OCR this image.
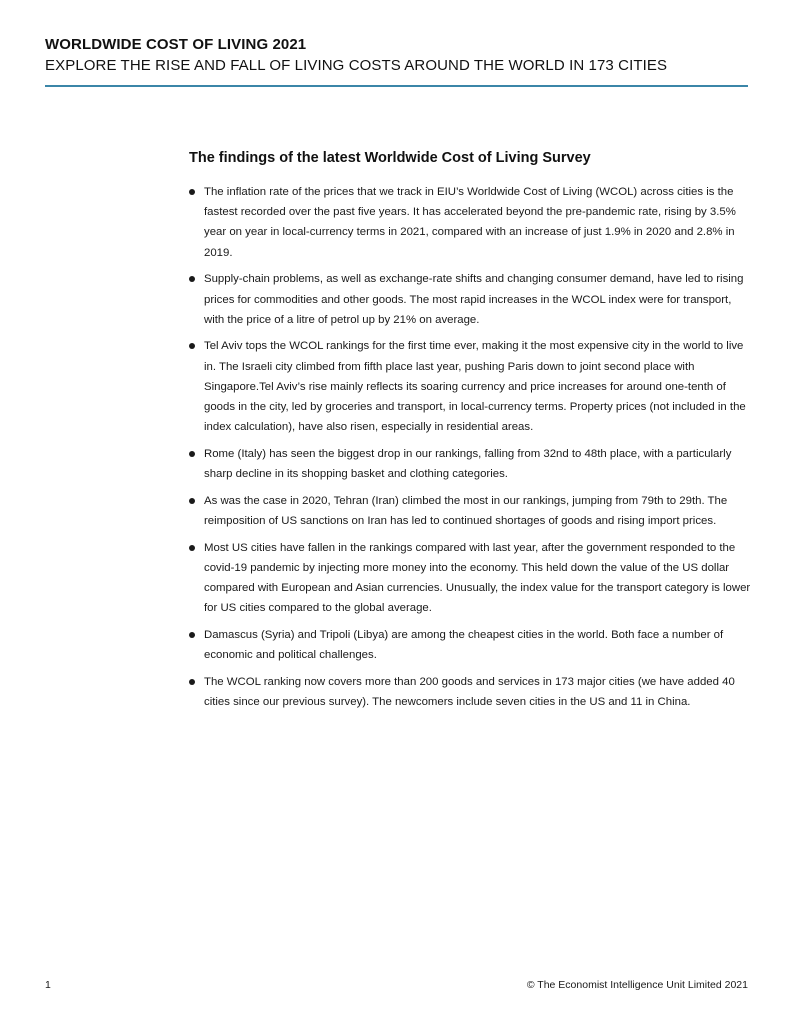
WORLDWIDE COST OF LIVING 2021
EXPLORE THE RISE AND FALL OF LIVING COSTS AROUND THE WORLD IN 173 CITIES
The findings of the latest Worldwide Cost of Living Survey
The inflation rate of the prices that we track in EIU’s Worldwide Cost of Living (WCOL) across cities is the fastest recorded over the past five years. It has accelerated beyond the pre-pandemic rate, rising by 3.5% year on year in local-currency terms in 2021, compared with an increase of just 1.9% in 2020 and 2.8% in 2019.
Supply-chain problems, as well as exchange-rate shifts and changing consumer demand, have led to rising prices for commodities and other goods. The most rapid increases in the WCOL index were for transport, with the price of a litre of petrol up by 21% on average.
Tel Aviv tops the WCOL rankings for the first time ever, making it the most expensive city in the world to live in. The Israeli city climbed from fifth place last year, pushing Paris down to joint second place with Singapore.Tel Aviv’s rise mainly reflects its soaring currency and price increases for around one-tenth of goods in the city, led by groceries and transport, in local-currency terms. Property prices (not included in the index calculation), have also risen, especially in residential areas.
Rome (Italy) has seen the biggest drop in our rankings, falling from 32nd to 48th place, with a particularly sharp decline in its shopping basket and clothing categories.
As was the case in 2020, Tehran (Iran) climbed the most in our rankings, jumping from 79th to 29th. The reimposition of US sanctions on Iran has led to continued shortages of goods and rising import prices.
Most US cities have fallen in the rankings compared with last year, after the government responded to the covid-19 pandemic by injecting more money into the economy. This held down the value of the US dollar compared with European and Asian currencies. Unusually, the index value for the transport category is lower for US cities compared to the global average.
Damascus (Syria) and Tripoli (Libya) are among the cheapest cities in the world. Both face a number of economic and political challenges.
The WCOL ranking now covers more than 200 goods and services in 173 major cities (we have added 40 cities since our previous survey). The newcomers include seven cities in the US and 11 in China.
1	© The Economist Intelligence Unit Limited 2021
